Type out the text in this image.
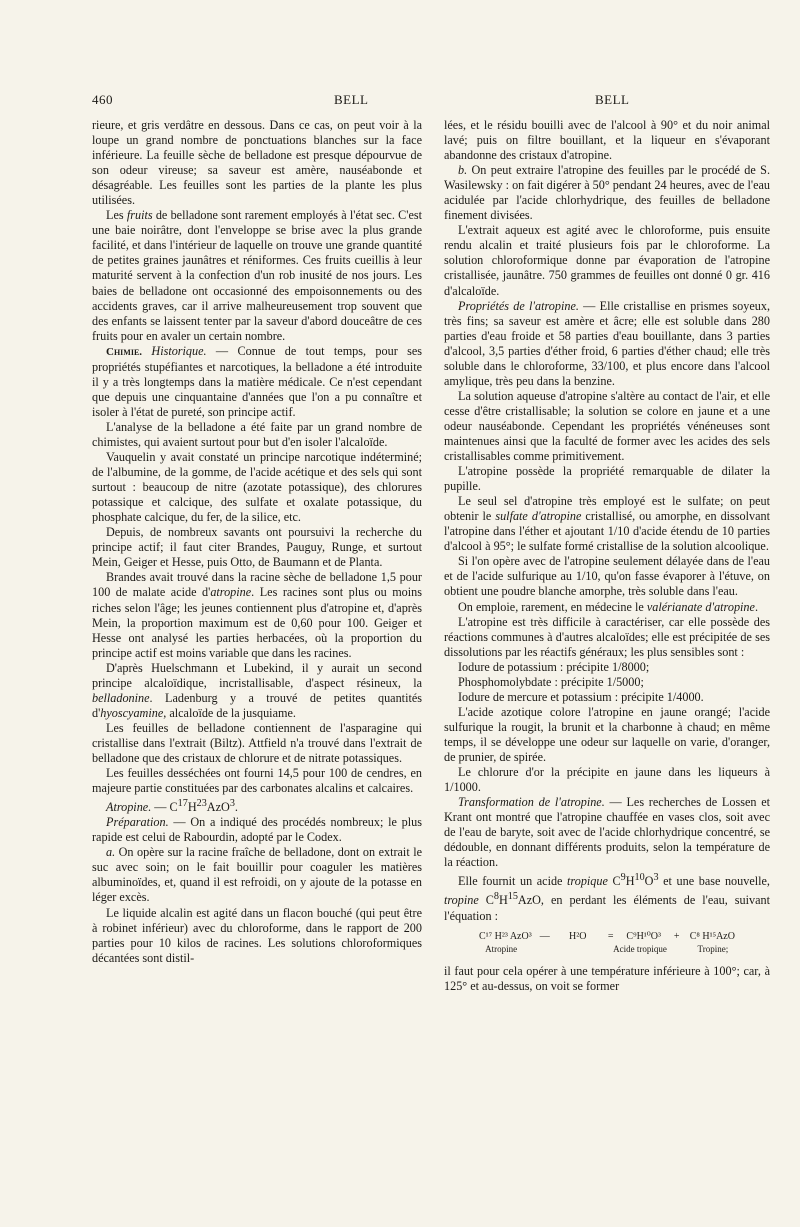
460	BELL	BELL

rieure, et gris verdâtre en dessous. Dans ce cas, on peut voir à la loupe un grand nombre de ponctuations blanches sur la face inférieure. La feuille sèche de belladone est presque dépourvue de son odeur vireuse; sa saveur est amère, nauséabonde et désagréable. Les feuilles sont les parties de la plante les plus utilisées.

Les fruits de belladone sont rarement employés à l'état sec. C'est une baie noirâtre, dont l'enveloppe se brise avec la plus grande facilité, et dans l'intérieur de laquelle on trouve une grande quantité de petites graines jaunâtres et réniformes. Ces fruits cueillis à leur maturité servent à la confection d'un rob inusité de nos jours. Les baies de belladone ont occasionné des empoisonnements ou des accidents graves, car il arrive malheureusement trop souvent que des enfants se laissent tenter par la saveur d'abord douceâtre de ces fruits pour en avaler un certain nombre.

Chimie. Historique. — Connue de tout temps, pour ses propriétés stupéfiantes et narcotiques, la belladone a été introduite il y a très longtemps dans la matière médicale. Ce n'est cependant que depuis une cinquantaine d'années que l'on a pu connaître et isoler à l'état de pureté, son principe actif.

L'analyse de la belladone a été faite par un grand nombre de chimistes, qui avaient surtout pour but d'en isoler l'alcaloïde.

Vauquelin y avait constaté un principe narcotique indéterminé; de l'albumine, de la gomme, de l'acide acétique et des sels qui sont surtout : beaucoup de nitre (azotate potassique), des chlorures potassique et calcique, des sulfate et oxalate potassique, du phosphate calcique, du fer, de la silice, etc.

Depuis, de nombreux savants ont poursuivi la recherche du principe actif; il faut citer Brandes, Pauguy, Runge, et surtout Mein, Geiger et Hesse, puis Otto, de Baumann et de Planta.

Brandes avait trouvé dans la racine sèche de belladone 1,5 pour 100 de malate acide d'atropine. Les racines sont plus ou moins riches selon l'âge; les jeunes contiennent plus d'atropine et, d'après Mein, la proportion maximum est de 0,60 pour 100. Geiger et Hesse ont analysé les parties herbacées, où la proportion du principe actif est moins variable que dans les racines.

D'après Huelschmann et Lubekind, il y aurait un second principe alcaloïdique, incristallisable, d'aspect résineux, la belladonine. Ladenburg y a trouvé de petites quantités d'hyoscyamine, alcaloïde de la jusquiame.

Les feuilles de belladone contiennent de l'asparagine qui cristallise dans l'extrait (Biltz). Attfield n'a trouvé dans l'extrait de belladone que des cristaux de chlorure et de nitrate potassiques.

Les feuilles desséchées ont fourni 14,5 pour 100 de cendres, en majeure partie constituées par des carbonates alcalins et calcaires.

Atropine. — $C^{17}H^{23}AzO^3$.

Préparation. — On a indiqué des procédés nombreux; le plus rapide est celui de Rabourdin, adopté par le Codex.

a. On opère sur la racine fraîche de belladone, dont on extrait le suc avec soin; on le fait bouillir pour coaguler les matières albuminoïdes, et, quand il est refroidi, on y ajoute de la potasse en léger excès.

Le liquide alcalin est agité dans un flacon bouché (qui peut être à robinet inférieur) avec du chloroforme, dans le rapport de 200 parties pour 10 kilos de racines. Les solutions chloroformiques décantées sont distil-

lées, et le résidu bouilli avec de l'alcool à 90° et du noir animal lavé; puis on filtre bouillant, et la liqueur en s'évaporant abandonne des cristaux d'atropine.

b. On peut extraire l'atropine des feuilles par le procédé de S. Wasilewsky : on fait digérer à 50° pendant 24 heures, avec de l'eau acidulée par l'acide chlorhydrique, des feuilles de belladone finement divisées.

L'extrait aqueux est agité avec le chloroforme, puis ensuite rendu alcalin et traité plusieurs fois par le chloroforme. La solution chloroformique donne par évaporation de l'atropine cristallisée, jaunâtre. 750 grammes de feuilles ont donné 0 gr. 416 d'alcaloïde.

Propriétés de l'atropine. — Elle cristallise en prismes soyeux, très fins; sa saveur est amère et âcre; elle est soluble dans 280 parties d'eau froide et 58 parties d'eau bouillante, dans 3 parties d'alcool, 3,5 parties d'éther froid, 6 parties d'éther chaud; elle très soluble dans le chloroforme, 33/100, et plus encore dans l'alcool amylique, très peu dans la benzine.

La solution aqueuse d'atropine s'altère au contact de l'air, et elle cesse d'être cristallisable; la solution se colore en jaune et a une odeur nauséabonde. Cependant les propriétés vénéneuses sont maintenues ainsi que la faculté de former avec les acides des sels cristallisables comme primitivement.

L'atropine possède la propriété remarquable de dilater la pupille.

Le seul sel d'atropine très employé est le sulfate; on peut obtenir le sulfate d'atropine cristallisé, ou amorphe, en dissolvant l'atropine dans l'éther et ajoutant 1/10 d'acide étendu de 10 parties d'alcool à 95°; le sulfate formé cristallise de la solution alcoolique.

Si l'on opère avec de l'atropine seulement délayée dans de l'eau et de l'acide sulfurique au 1/10, qu'on fasse évaporer à l'étuve, on obtient une poudre blanche amorphe, très soluble dans l'eau.

On emploie, rarement, en médecine le valérianate d'atropine.

L'atropine est très difficile à caractériser, car elle possède des réactions communes à d'autres alcaloïdes; elle est précipitée de ses dissolutions par les réactifs généraux; les plus sensibles sont :

Iodure de potassium : précipite 1/8000;

Phosphomolybdate : précipite 1/5000;

Iodure de mercure et potassium : précipite 1/4000.

L'acide azotique colore l'atropine en jaune orangé; l'acide sulfurique la rougit, la brunit et la charbonne à chaud; en même temps, il se développe une odeur sur laquelle on varie, d'oranger, de prunier, de spirée.

Le chlorure d'or la précipite en jaune dans les liqueurs à 1/1000.

Transformation de l'atropine. — Les recherches de Lossen et Krant ont montré que l'atropine chauffée en vases clos, soit avec de l'eau de baryte, soit avec de l'acide chlorhydrique concentré, se dédouble, en donnant différents produits, selon la température de la réaction.

Elle fournit un acide tropique $C^9H^{10}O^3$ et une base nouvelle, tropine $C^8H^{15}AzO$, en perdant les éléments de l'eau, suivant l'équation :

C¹⁷ H²³ AzO³ —	H²O	= C⁹H¹⁰O³ + C⁸ H¹⁵AzO
Atropine	Acide tropique	Tropine;

il faut pour cela opérer à une température inférieure à 100°; car, à 125° et au-dessus, on voit se former
